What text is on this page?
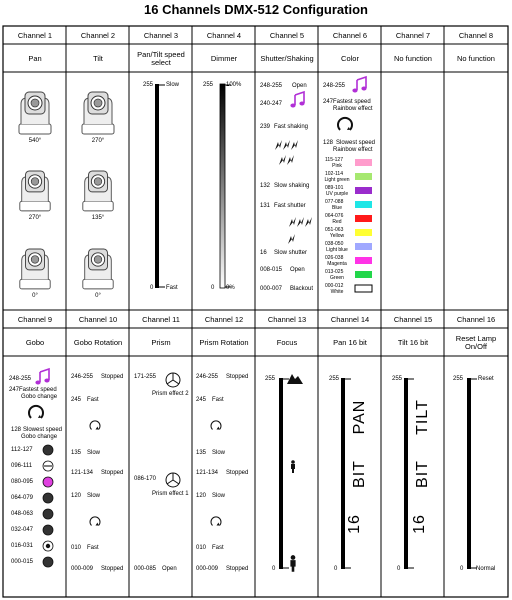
16 Channels DMX-512 Configuration
Channel 1	Channel 2	Channel 3	Channel 4	Channel 5	Channel 6	Channel 7	Channel 8
Pan	Tilt	Pan/Tilt speed select	Dimmer	Shutter/Shaking	Color	No function	No function
Channel 9	Channel 10	Channel 11	Channel 12	Channel 13	Channel 14	Channel 15	Channel 16
Gobo	Gobo Rotation	Prism	Prism Rotation	Focus	Pan 16 bit	Tilt 16 bit	Reset Lamp On/Off
540°
270°
0°
270°
135°
0°
255 Slow
0 Fast
255 100%
0 0%
248-255 Open
240-247
239 Fast shaking
132 Slow shaking
131 Fast shutter
16 Slow shutter
008-015 Open
000-007 Blackout
248-255
247 Fastest speed
Rainbow effect
128 Slowest speed
Rainbow effect
115-127
Pink
102-114
Light green
089-101
UV purple
077-088
Blue
064-076
Red
051-063
Yellow
038-050
Light blue
026-038
Magenta
013-025
Green
000-012
White
248-255
247 Fastest speed
Gobo change
128 Slowest speed
Gobo change
112-127
096-111
080-095
064-079
048-063
032-047
016-031
000-015
246-255 Stopped
245 Fast
135 Slow
121-134 Stopped
120 Slow
010 Fast
000-009 Stopped
171-255
Prism effect 2
086-170
Prism effect 1
000-085 Open
246-255 Stopped
245 Fast
135 Slow
121-134 Stopped
120 Slow
010 Fast
000-009 Stopped
255
0
255
0
16
BIT
PAN
255
0
16
BIT
TILT
255 Reset
0 Normal
